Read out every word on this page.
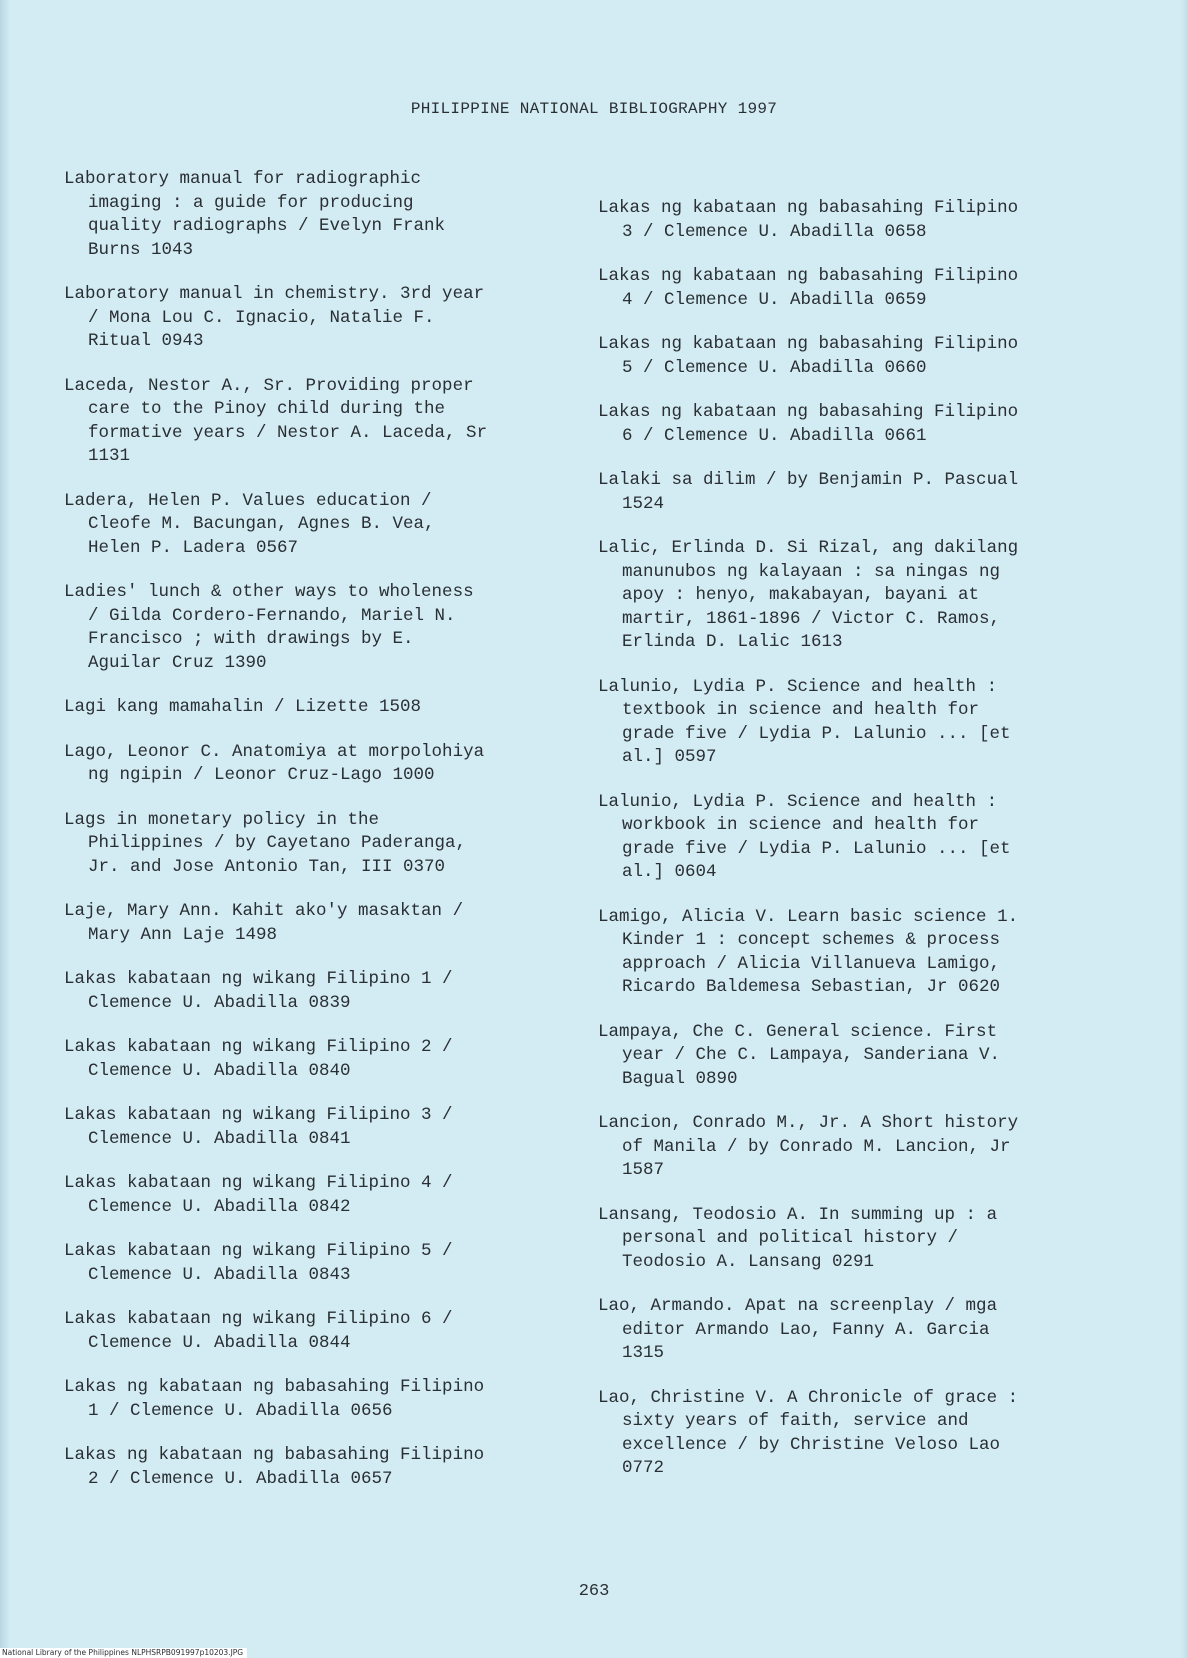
PHILIPPINE NATIONAL BIBLIOGRAPHY 1997
Laboratory manual for radiographic
imaging : a guide for producing
quality radiographs / Evelyn Frank
Burns 1043
Laboratory manual in chemistry. 3rd year
/ Mona Lou C. Ignacio, Natalie F.
Ritual 0943
Laceda, Nestor A., Sr. Providing proper
care to the Pinoy child during the
formative years / Nestor A. Laceda, Sr
1131
Ladera, Helen P. Values education /
Cleofe M. Bacungan, Agnes B. Vea,
Helen P. Ladera 0567
Ladies' lunch & other ways to wholeness
/ Gilda Cordero-Fernando, Mariel N.
Francisco ; with drawings by E.
Aguilar Cruz 1390
Lagi kang mamahalin / Lizette 1508
Lago, Leonor C. Anatomiya at morpolohiya
ng ngipin / Leonor Cruz-Lago 1000
Lags in monetary policy in the
Philippines / by Cayetano Paderanga,
Jr. and Jose Antonio Tan, III 0370
Laje, Mary Ann. Kahit ako'y masaktan /
Mary Ann Laje 1498
Lakas kabataan ng wikang Filipino 1 /
Clemence U. Abadilla 0839
Lakas kabataan ng wikang Filipino 2 /
Clemence U. Abadilla 0840
Lakas kabataan ng wikang Filipino 3 /
Clemence U. Abadilla 0841
Lakas kabataan ng wikang Filipino 4 /
Clemence U. Abadilla 0842
Lakas kabataan ng wikang Filipino 5 /
Clemence U. Abadilla 0843
Lakas kabataan ng wikang Filipino 6 /
Clemence U. Abadilla 0844
Lakas ng kabataan ng babasahing Filipino
1 / Clemence U. Abadilla 0656
Lakas ng kabataan ng babasahing Filipino
2 / Clemence U. Abadilla 0657
Lakas ng kabataan ng babasahing Filipino
3 / Clemence U. Abadilla 0658
Lakas ng kabataan ng babasahing Filipino
4 / Clemence U. Abadilla 0659
Lakas ng kabataan ng babasahing Filipino
5 / Clemence U. Abadilla 0660
Lakas ng kabataan ng babasahing Filipino
6 / Clemence U. Abadilla 0661
Lalaki sa dilim / by Benjamin P. Pascual
1524
Lalic, Erlinda D. Si Rizal, ang dakilang
manunubos ng kalayaan : sa ningas ng
apoy : henyo, makabayan, bayani at
martir, 1861-1896 / Victor C. Ramos,
Erlinda D. Lalic 1613
Lalunio, Lydia P. Science and health :
textbook in science and health for
grade five / Lydia P. Lalunio ... [et
al.] 0597
Lalunio, Lydia P. Science and health :
workbook in science and health for
grade five / Lydia P. Lalunio ... [et
al.] 0604
Lamigo, Alicia V. Learn basic science 1.
Kinder 1 : concept schemes & process
approach / Alicia Villanueva Lamigo,
Ricardo Baldemesa Sebastian, Jr 0620
Lampaya, Che C. General science. First
year / Che C. Lampaya, Sanderiana V.
Bagual 0890
Lancion, Conrado M., Jr. A Short history
of Manila / by Conrado M. Lancion, Jr
1587
Lansang, Teodosio A. In summing up : a
personal and political history /
Teodosio A. Lansang 0291
Lao, Armando. Apat na screenplay / mga
editor Armando Lao, Fanny A. Garcia
1315
Lao, Christine V. A Chronicle of grace :
sixty years of faith, service and
excellence / by Christine Veloso Lao
0772
263
National Library of the Philippines NLPHSRPB091997p10203.JPG
